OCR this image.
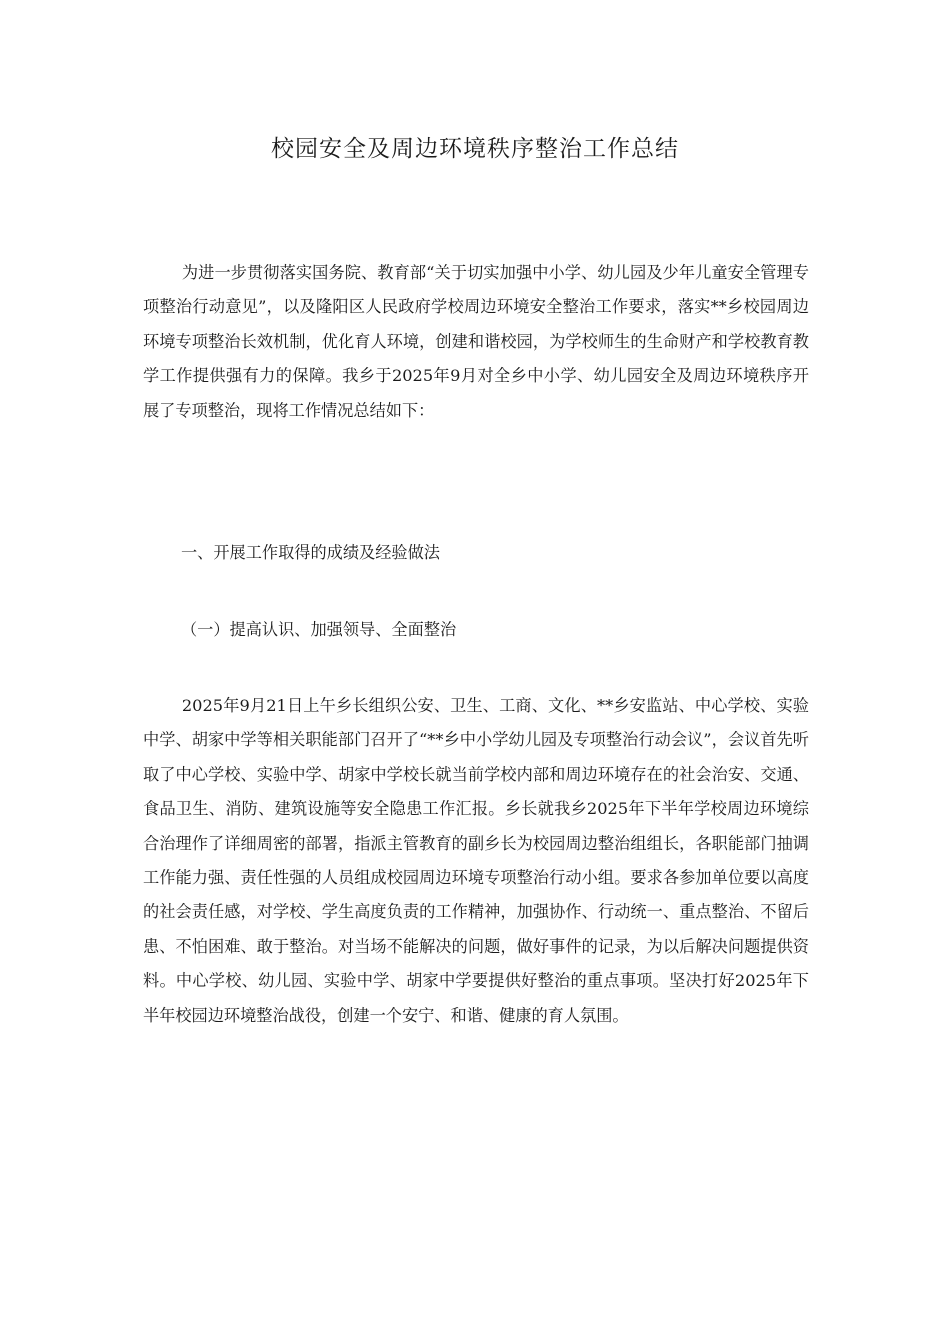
校园安全及周边环境秩序整治工作总结

为进一步贯彻落实国务院、教育部“关于切实加强中小学、幼儿园及少年儿童安全管理专项整治行动意见”，以及隆阳区人民政府学校周边环境安全整治工作要求，落实**乡校园周边环境专项整治长效机制，优化育人环境，创建和谐校园，为学校师生的生命财产和学校教育教学工作提供强有力的保障。我乡于2025年9月对全乡中小学、幼儿园安全及周边环境秩序开展了专项整治，现将工作情况总结如下：

一、开展工作取得的成绩及经验做法
（一）提高认识、加强领导、全面整治

2025年9月21日上午乡长组织公安、卫生、工商、文化、**乡安监站、中心学校、实验中学、胡家中学等相关职能部门召开了“**乡中小学幼儿园及专项整治行动会议”，会议首先听取了中心学校、实验中学、胡家中学校长就当前学校内部和周边环境存在的社会治安、交通、食品卫生、消防、建筑设施等安全隐患工作汇报。乡长就我乡2025年下半年学校周边环境综合治理作了详细周密的部署，指派主管教育的副乡长为校园周边整治组组长，各职能部门抽调工作能力强、责任性强的人员组成校园周边环境专项整治行动小组。要求各参加单位要以高度的社会责任感，对学校、学生高度负责的工作精神，加强协作、行动统一、重点整治、不留后患、不怕困难、敢于整治。对当场不能解决的问题，做好事件的记录，为以后解决问题提供资料。中心学校、幼儿园、实验中学、胡家中学要提供好整治的重点事项。坚决打好2025年下半年校园边环境整治战役，创建一个安宁、和谐、健康的育人氛围。
